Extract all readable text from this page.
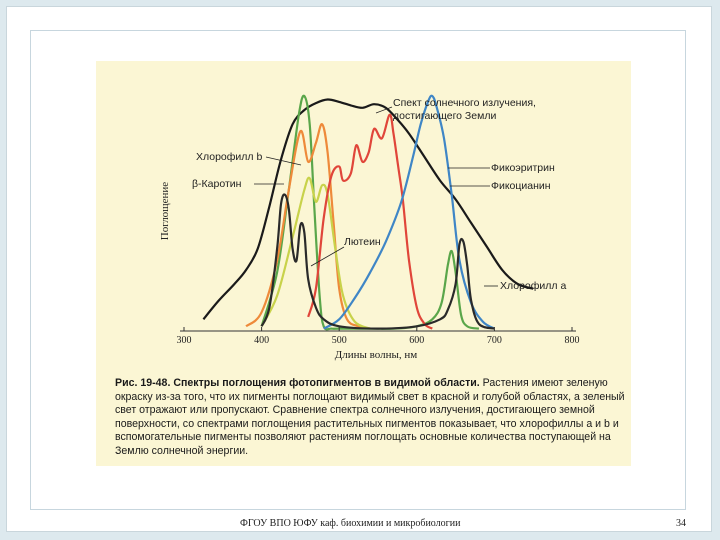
300	400	500	600	700	800
Спект солнечного излучения,
достигающего Земли
Хлорофилл b
β-Каротин
Лютеин
Фикоэритрин
Фикоцианин
Хлорофилл a
Поглощение
Длины волны, нм

Рис. 19-48. Спектры поглощения фотопигментов в видимой области. Растения имеют зеленую окраску из-за того, что их пигменты поглощают видимый свет в красной и голубой областях, а зеленый свет отражают или пропускают. Сравнение спектра солнечного излучения, достигающего земной поверхности, со спектрами поглощения растительных пигментов показывает, что хлорофиллы a и b и вспомогательные пигменты позволяют растениям поглощать основные количества поступающей на Землю солнечной энергии.

ФГОУ ВПО ЮФУ каф. биохимии и микробиологии	34
